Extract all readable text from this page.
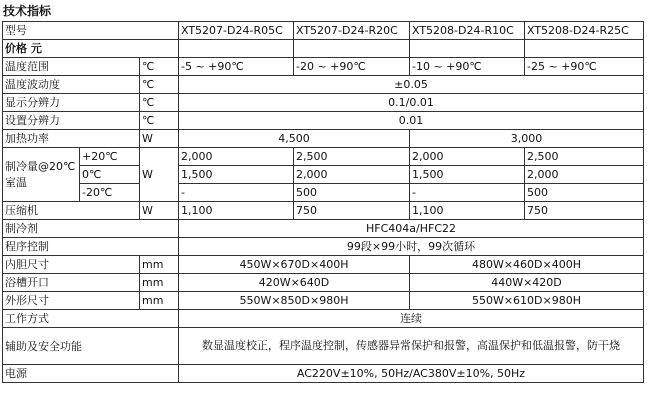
技术指标
型号			XT5207-D24-R05C	XT5207-D24-R20C	XT5208-D24-R10C	XT5208-D24-R25C
价格 元						
温度范围		℃	-5 ~ +90℃	-20 ~ +90℃	-10 ~ +90℃	-25 ~ +90℃
温度波动度		℃	±0.05			
显示分辨力		℃	0.1/0.01			
设置分辨力		℃	0.01			
加热功率		W	4,500		3,000	
制冷量@20℃室温	+20℃	W	2,000	2,500	2,000	2,500
	0℃		1,500	2,000	1,500	2,000
	-20℃		-	500	-	500
压缩机		W	1,100	750	1,100	750
制冷剂			HFC404a/HFC22			
程序控制			99段×99小时，99次循环			
内胆尺寸		mm	450W×670D×400H		480W×460D×400H	
浴槽开口		mm	420W×640D		440W×420D	
外形尺寸		mm	550W×850D×980H		550W×610D×980H	
工作方式			连续			
辅助及安全功能			数显温度校正，程序温度控制，传感器异常保护和报警，高温保护和低温报警，防干烧			
电源			AC220V±10%, 50Hz/AC380V±10%, 50Hz			
